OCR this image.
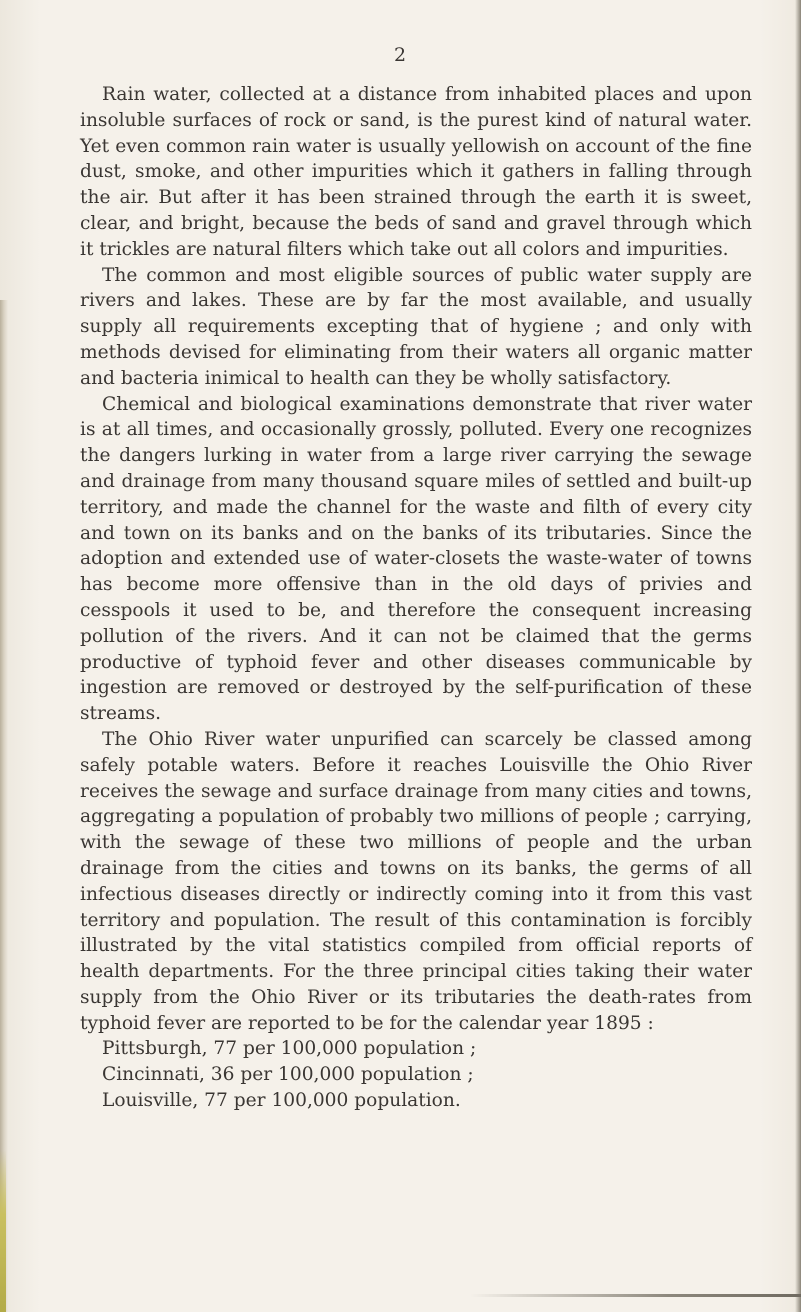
2

Rain water, collected at a distance from inhabited places and upon insoluble surfaces of rock or sand, is the purest kind of natural water. Yet even common rain water is usually yellowish on account of the fine dust, smoke, and other impurities which it gathers in falling through the air. But after it has been strained through the earth it is sweet, clear, and bright, because the beds of sand and gravel through which it trickles are natural filters which take out all colors and impurities.

The common and most eligible sources of public water supply are rivers and lakes. These are by far the most available, and usually supply all requirements excepting that of hygiene ; and only with methods devised for eliminating from their waters all organic matter and bacteria inimical to health can they be wholly satisfactory.

Chemical and biological examinations demonstrate that river water is at all times, and occasionally grossly, polluted. Every one recognizes the dangers lurking in water from a large river carrying the sewage and drainage from many thousand square miles of settled and built-up territory, and made the channel for the waste and filth of every city and town on its banks and on the banks of its tributaries. Since the adoption and extended use of water-closets the waste-water of towns has become more offensive than in the old days of privies and cesspools it used to be, and therefore the consequent increasing pollution of the rivers. And it can not be claimed that the germs productive of typhoid fever and other diseases communicable by ingestion are removed or destroyed by the self-purification of these streams.

The Ohio River water unpurified can scarcely be classed among safely potable waters. Before it reaches Louisville the Ohio River receives the sewage and surface drainage from many cities and towns, aggregating a population of probably two millions of people ; carrying, with the sewage of these two millions of people and the urban drainage from the cities and towns on its banks, the germs of all infectious diseases directly or indirectly coming into it from this vast territory and population. The result of this contamination is forcibly illustrated by the vital statistics compiled from official reports of health departments. For the three principal cities taking their water supply from the Ohio River or its tributaries the death-rates from typhoid fever are reported to be for the calendar year 1895 :

Pittsburgh, 77 per 100,000 population ;
Cincinnati, 36 per 100,000 population ;
Louisville, 77 per 100,000 population.
